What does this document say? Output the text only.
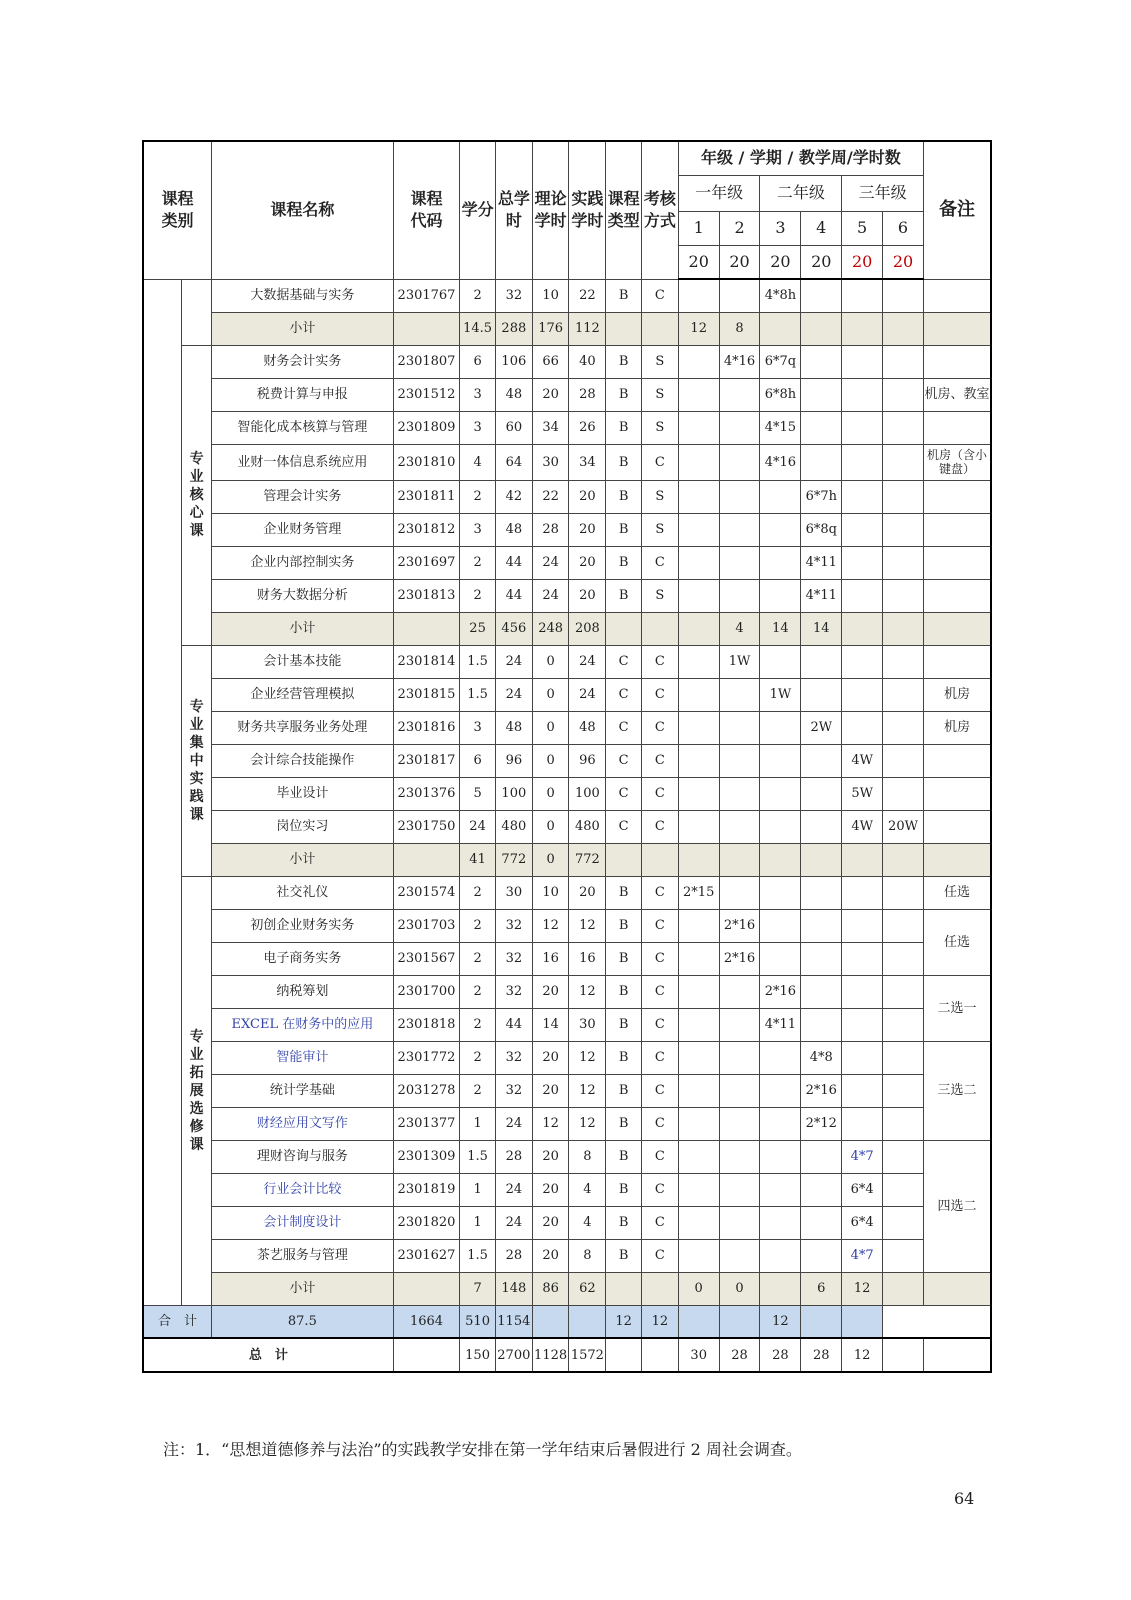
课程类别		课程名称	课程代码	学分	总学时	理论学时	实践学时	课程类型	考核方式	年级 / 学期 / 教学周/学时数						备注
										一年级		二年级		三年级		
										1	2	3	4	5	6	
										20	20	20	20	20	20	
		大数据基础与实务	2301767	2	32	10	22	B	C			4*8h				
		小计		14.5	288	176	112			12	8					

	专业核心课	财务会计实务	2301807	6	106	66	40	B	S		4*16	6*7q				
		税费计算与申报	2301512	3	48	20	28	B	S			6*8h				机房、教室
		智能化成本核算与管理	2301809	3	60	34	26	B	S			4*15				
		业财一体信息系统应用	2301810	4	64	30	34	B	C			4*16				机房（含小键盘）
		管理会计实务	2301811	2	42	22	20	B	S				6*7h			
		企业财务管理	2301812	3	48	28	20	B	S				6*8q			
		企业内部控制实务	2301697	2	44	24	20	B	C				4*11			
		财务大数据分析	2301813	2	44	24	20	B	S				4*11			
		小计		25	456	248	208				4	14	14			

	专业集中实践课	会计基本技能	2301814	1.5	24	0	24	C	C		1W					
		企业经营管理模拟	2301815	1.5	24	0	24	C	C			1W				机房
		财务共享服务业务处理	2301816	3	48	0	48	C	C				2W			机房
		会计综合技能操作	2301817	6	96	0	96	C	C					4W		
		毕业设计	2301376	5	100	0	100	C	C					5W		
		岗位实习	2301750	24	480	0	480	C	C					4W	20W	
		小计		41	772	0	772									

	专业拓展选修课	社交礼仪	2301574	2	30	10	20	B	C	2*15						任选
		初创企业财务实务	2301703	2	32	12	12	B	C		2*16					任选
		电子商务实务	2301567	2	32	16	16	B	C		2*16					
		纳税筹划	2301700	2	32	20	12	B	C			2*16				二选一
		EXCEL 在财务中的应用	2301818	2	44	14	30	B	C			4*11				
		智能审计	2301772	2	32	20	12	B	C				4*8			三选二
		统计学基础	2031278	2	32	20	12	B	C				2*16			
		财经应用文写作	2301377	1	24	12	12	B	C				2*12			
		理财咨询与服务	2301309	1.5	28	20	8	B	C					4*7		四选二
		行业会计比较	2301819	1	24	20	4	B	C					6*4		
		会计制度设计	2301820	1	24	20	4	B	C					6*4		
		茶艺服务与管理	2301627	1.5	28	20	8	B	C					4*7		
		小计		7	148	86	62			0	0		6	12		
合　计		87.5	1664	510	1154			12	12			12				
总　计				150	2700	1128	1572			30	28	28	28	12		
注：1．“思想道德修养与法治”的实践教学安排在第一学年结束后暑假进行 2 周社会调查。
64
